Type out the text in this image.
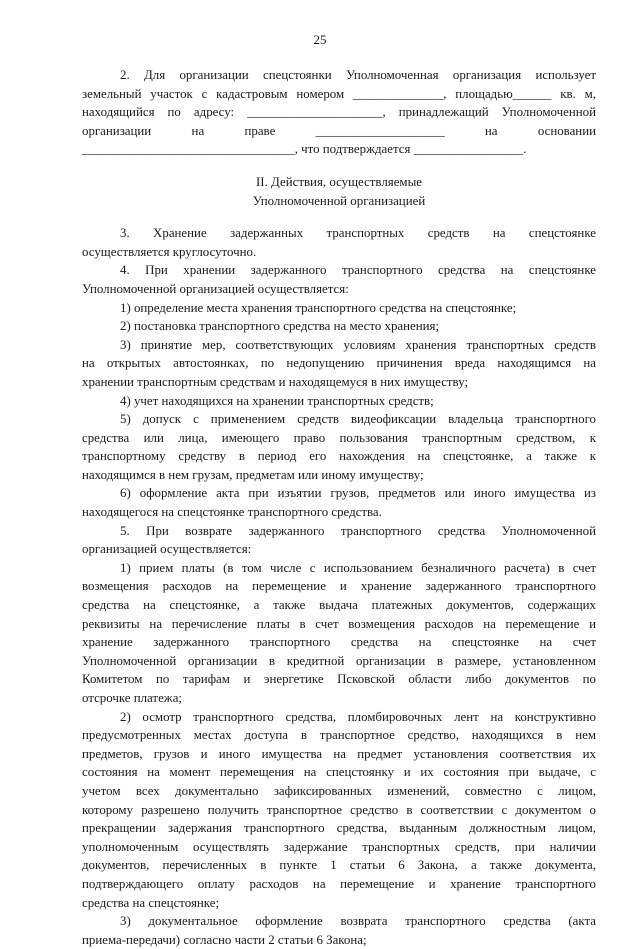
25
2. Для организации спецстоянки Уполномоченная организация использует
земельный участок с кадастровым номером ______________, площадью______ кв. м,
находящийся по адресу: _____________________, принадлежащий Уполномоченной
организации на праве ____________________ на основании
_________________________________, что подтверждается _________________.
II. Действия, осуществляемые
Уполномоченной организацией
3. Хранение задержанных транспортных средств на спецстоянке
осуществляется круглосуточно.
4. При хранении задержанного транспортного средства на спецстоянке
Уполномоченной организацией осуществляется:
1) определение места хранения транспортного средства на спецстоянке;
2) постановка транспортного средства на место хранения;
3) принятие мер, соответствующих условиям хранения транспортных средств
на открытых автостоянках, по недопущению причинения вреда находящимся на
хранении транспортным средствам и находящемуся в них имуществу;
4) учет находящихся на хранении транспортных средств;
5) допуск с применением средств видеофиксации владельца транспортного
средства или лица, имеющего право пользования транспортным средством, к
транспортному средству в период его нахождения на спецстоянке, а также к
находящимся в нем грузам, предметам или иному имуществу;
6) оформление акта при изъятии грузов, предметов или иного имущества из
находящегося на спецстоянке транспортного средства.
5. При возврате задержанного транспортного средства Уполномоченной
организацией осуществляется:
1) прием платы (в том числе с использованием безналичного расчета) в счет
возмещения расходов на перемещение и хранение задержанного транспортного
средства на спецстоянке, а также выдача платежных документов, содержащих
реквизиты на перечисление платы в счет возмещения расходов на перемещение и
хранение задержанного транспортного средства на спецстоянке на счет
Уполномоченной организации в кредитной организации в размере, установленном
Комитетом по тарифам и энергетике Псковской области либо документов по
отсрочке платежа;
2) осмотр транспортного средства, пломбировочных лент на конструктивно
предусмотренных местах доступа в транспортное средство, находящихся в нем
предметов, грузов и иного имущества на предмет установления соответствия их
состояния на момент перемещения на спецстоянку и их состояния при выдаче, с
учетом всех документально зафиксированных изменений, совместно с лицом,
которому разрешено получить транспортное средство в соответствии с документом о
прекращении задержания транспортного средства, выданным должностным лицом,
уполномоченным осуществлять задержание транспортных средств, при наличии
документов, перечисленных в пункте 1 статьи 6 Закона, а также документа,
подтверждающего оплату расходов на перемещение и хранение транспортного
средства на спецстоянке;
3) документальное оформление возврата транспортного средства (акта
приема-передачи) согласно части 2 статьи 6 Закона;
